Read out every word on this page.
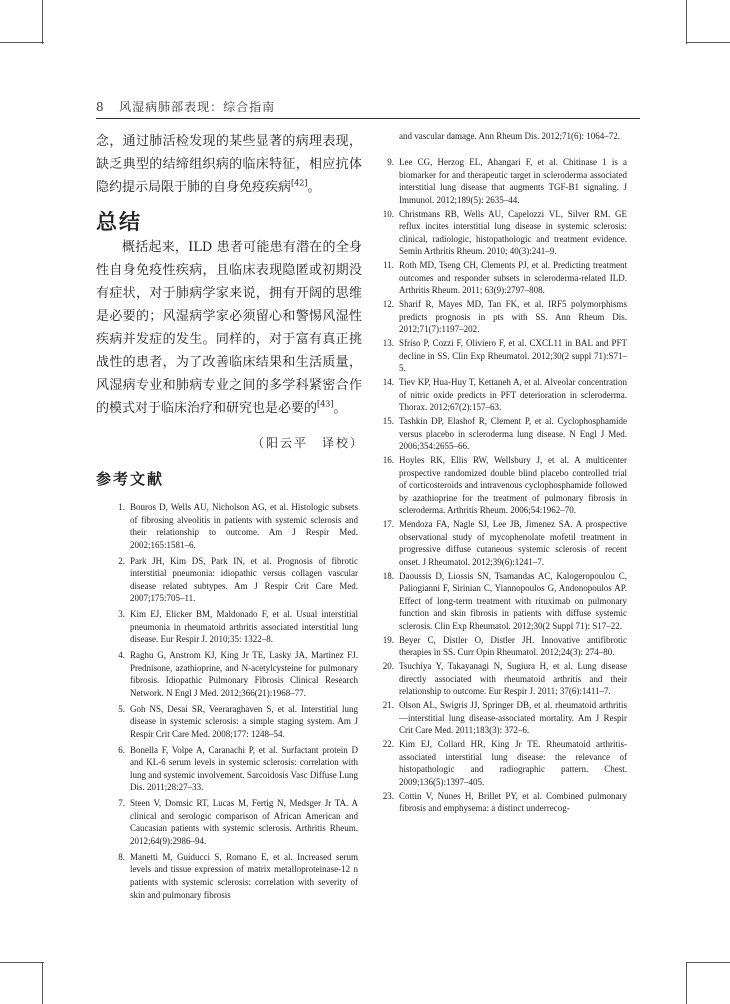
8 风湿病肺部表现：综合指南

念，通过肺活检发现的某些显著的病理表现，缺乏典型的结缔组织病的临床特征，相应抗体隐约提示局限于肺的自身免疫疾病[42]。

总结

概括起来，ILD 患者可能患有潜在的全身性自身免疫性疾病，且临床表现隐匿或初期没有症状，对于肺病学家来说，拥有开阔的思维是必要的；风湿病学家必须留心和警惕风湿性疾病并发症的发生。同样的，对于富有真正挑战性的患者，为了改善临床结果和生活质量，风湿病专业和肺病专业之间的多学科紧密合作的模式对于临床治疗和研究也是必要的[43]。

（阳云平　译校）
参考文献
1. Bouros D, Wells AU, Nicholson AG, et al. Histologic subsets of fibrosing alveolitis in patients with systemic sclerosis and their relationship to outcome. Am J Respir Med. 2002;165:1581–6.
2. Park JH, Kim DS, Park IN, et al. Prognosis of fibrotic interstitial pneumonia: idiopathic versus collagen vascular disease related subtypes. Am J Respir Crit Care Med. 2007;175:705–11.
3. Kim EJ, Elicker BM, Maldonado F, et al. Usual interstitial pneumonia in rheumatoid arthritis associated interstitial lung disease. Eur Respir J. 2010;35: 1322–8.
4. Raghu G, Anstrom KJ, King Jr TE, Lasky JA, Martinez FJ. Prednisone, azathioprine, and N-acetylcysteine for pulmonary fibrosis. Idiopathic Pulmonary Fibrosis Clinical Research Network. N Engl J Med. 2012;366(21):1968–77.
5. Goh NS, Desai SR, Veeraraghaven S, et al. Interstitial lung disease in systemic sclerosis: a simple staging system. Am J Respir Crit Care Med. 2008;177: 1248–54.
6. Bonella F, Volpe A, Caranachi P, et al. Surfactant protein D and KL-6 serum levels in systemic sclerosis: correlation with lung and systemic involvement. Sarcoidosis Vasc Diffuse Lung Dis. 2011;28:27–33.
7. Steen V, Domsic RT, Lucas M, Fertig N, Medsger Jr TA. A clinical and serologic comparison of African American and Caucasian patients with systemic sclerosis. Arthritis Rheum. 2012;64(9):2986–94.
8. Manetti M, Guiducci S, Romano E, et al. Increased serum levels and tissue expression of matrix metalloproteinase-12 n patients with systemic sclerosis: correlation with severity of skin and pulmonary fibrosis
and vascular damage. Ann Rheum Dis. 2012;71(6): 1064–72.
9. Lee CG, Herzog EL, Ahangari F, et al. Chitinase 1 is a biomarker for and therapeutic target in scleroderma associated interstitial lung disease that augments TGF-B1 signaling. J Immunol. 2012;189(5): 2635–44.
10. Christmans RB, Wells AU, Capelozzi VL, Silver RM. GE reflux incites interstitial lung disease in systemic sclerosis: clinical, radiologic, histopathologic and treatment evidence. Semin Arthritis Rheum. 2010; 40(3):241–9.
11. Roth MD, Tseng CH, Clements PJ, et al. Predicting treatment outcomes and responder subsets in scleroderma-related ILD. Arthritis Rheum. 2011; 63(9):2797–808.
12. Sharif R, Mayes MD, Tan FK, et al. IRF5 polymorphisms predicts prognosis in pts with SS. Ann Rheum Dis. 2012;71(7):1197–202.
13. Sfriso P, Cozzi F, Oliviero F, et al. CXCL11 in BAL and PFT decline in SS. Clin Exp Rheumatol. 2012;30(2 suppl 71):S71–5.
14. Tiev KP, Hua-Huy T, Kettaneh A, et al. Alveolar concentration of nitric oxide predicts in PFT deterioration in scleroderma. Thorax. 2012;67(2):157–63.
15. Tashkin DP, Elashof R, Clement P, et al. Cyclophosphamide versus placebo in scleroderma lung disease. N Engl J Med. 2006;354:2655–66.
16. Hoyles RK, Ellis RW, Wellsbury J, et al. A multicenter prospective randomized double blind placebo controlled trial of corticosteroids and intravenous cyclophosphamide followed by azathioprine for the treatment of pulmonary fibrosis in scleroderma. Arthritis Rheum. 2006;54:1962–70.
17. Mendoza FA, Nagle SJ, Lee JB, Jimenez SA. A prospective observational study of mycophenolate mofetil treatment in progressive diffuse cutaneous systemic sclerosis of recent onset. J Rheumatol. 2012;39(6):1241–7.
18. Daoussis D, Liossis SN, Tsamandas AC, Kalogeropoulou C, Paliogianni F, Sirinian C, Yiannopoulos G, Andonopoulos AP. Effect of long-term treatment with rituximab on pulmonary function and skin fibrosis in patients with diffuse systemic sclerosis. Clin Exp Rheumatol. 2012;30(2 Suppl 71): S17–22.
19. Beyer C, Distler O, Distler JH. Innovative antifibrotic therapies in SS. Curr Opin Rheumatol. 2012;24(3): 274–80.
20. Tsuchiya Y, Takayanagi N, Sugiura H, et al. Lung disease directly associated with rheumatoid arthritis and their relationship to outcome. Eur Respir J. 2011; 37(6):1411–7.
21. Olson AL, Swigris JJ, Springer DB, et al. rheumatoid arthritis—interstitial lung disease-associated mortality. Am J Respir Crit Care Med. 2011;183(3): 372–6.
22. Kim EJ, Collard HR, King Jr TE. Rheumatoid arthritis-associated interstitial lung disease: the relevance of histopathologic and radiographic pattern. Chest. 2009;136(5):1397–405.
23. Cottin V, Nunes H, Brillet PY, et al. Combined pulmonary fibrosis and emphysema: a distinct underrecog-
